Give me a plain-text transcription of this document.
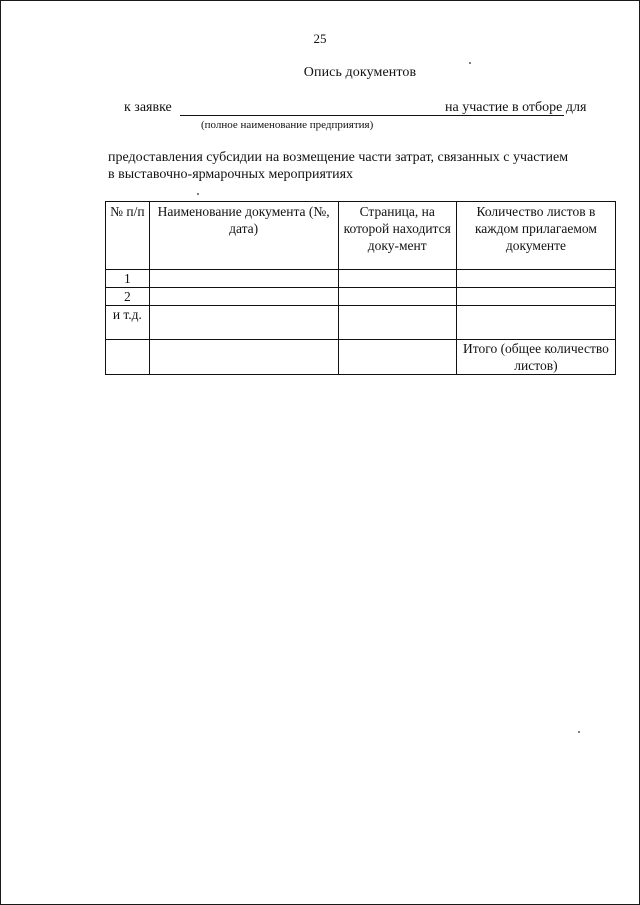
25
Опись документов
к заявке	на участие в отборе для
(полное наименование предприятия)
предоставления субсидии на возмещение части затрат, связанных с участием
в выставочно-ярмарочных мероприятиях
№ п/п	Наименование документа (№, дата)	Страница, на которой находится доку-мент	Количество листов в каждом прилагаемом документе
1			
2			
и т.д.			
			Итого (общее количество листов)
